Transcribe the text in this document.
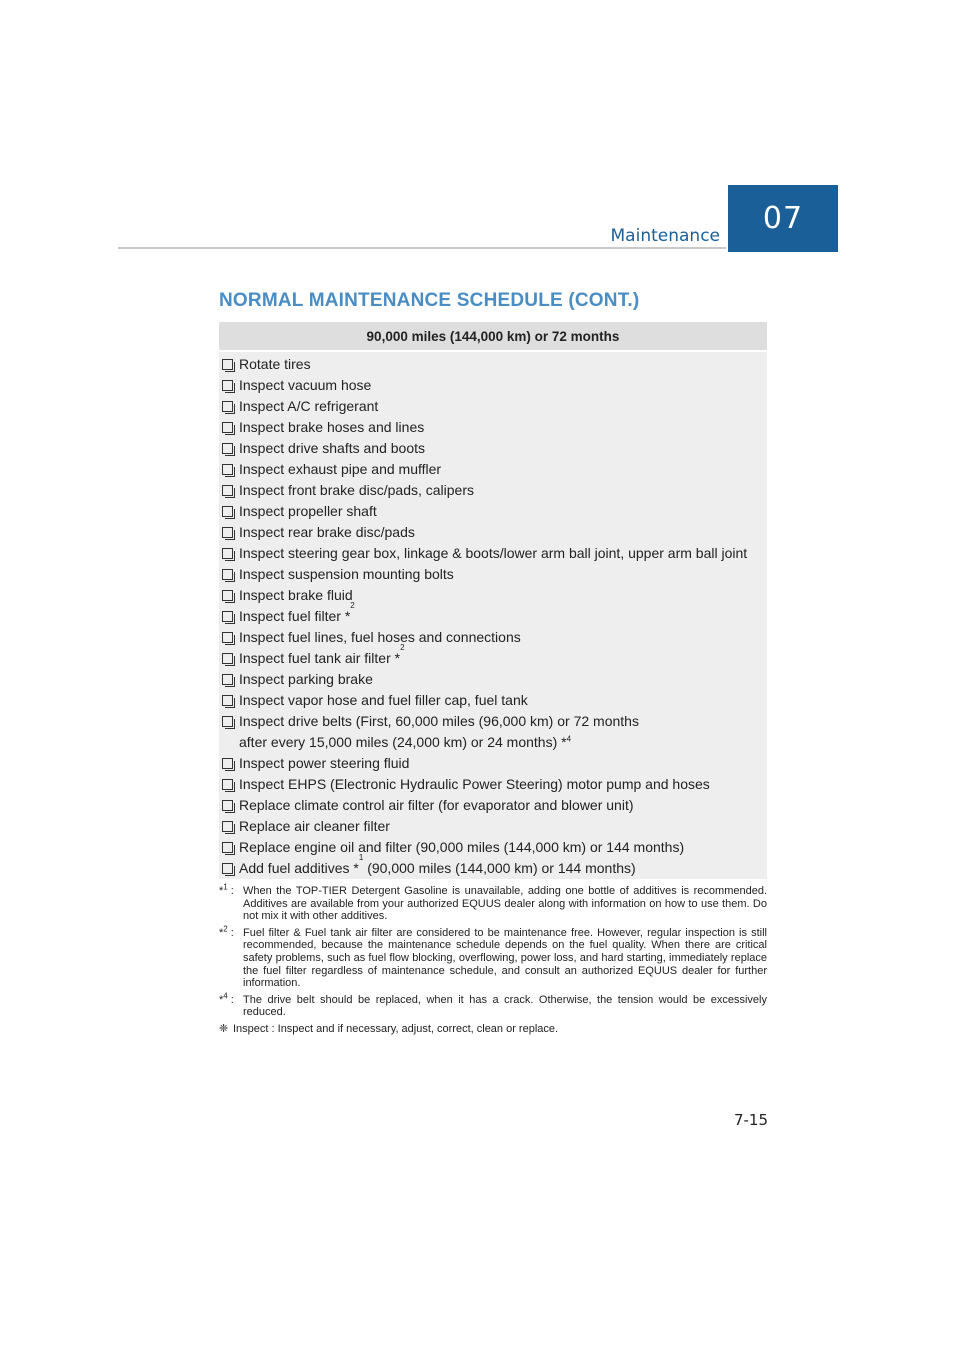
Maintenance	07
NORMAL MAINTENANCE SCHEDULE (CONT.)
90,000 miles (144,000 km) or 72 months
Rotate tires
Inspect vacuum hose
Inspect A/C refrigerant
Inspect brake hoses and lines
Inspect drive shafts and boots
Inspect exhaust pipe and muffler
Inspect front brake disc/pads, calipers
Inspect propeller shaft
Inspect rear brake disc/pads
Inspect steering gear box, linkage & boots/lower arm ball joint, upper arm ball joint
Inspect suspension mounting bolts
Inspect brake fluid
Inspect fuel filter *
2
Inspect fuel lines, fuel hoses and connections
Inspect fuel tank air filter *
2
Inspect parking brake
Inspect vapor hose and fuel filler cap, fuel tank
Inspect drive belts (First, 60,000 miles (96,000 km) or 72 months
after every 15,000 miles (24,000 km) or 24 months) *$^4$
Inspect power steering fluid
Inspect EHPS (Electronic Hydraulic Power Steering) motor pump and hoses
Replace climate control air filter (for evaporator and blower unit)
Replace air cleaner filter
Replace engine oil and filter (90,000 miles (144,000 km) or 144 months)
Add fuel additives *
1
(90,000 miles (144,000 km) or 144 months)
*$^1$ : When the TOP-TIER Detergent Gasoline is unavailable, adding one bottle of additives is recommended. Additives are available from your authorized EQUUS dealer along with information on how to use them. Do not mix it with other additives.
*$^2$ : Fuel filter & Fuel tank air filter are considered to be maintenance free. However, regular inspection is still recommended, because the maintenance schedule depends on the fuel quality. When there are critical safety problems, such as fuel flow blocking, overflowing, power loss, and hard starting, immediately replace the fuel filter regardless of maintenance schedule, and consult an authorized EQUUS dealer for further information.
*$^4$ : The drive belt should be replaced, when it has a crack. Otherwise, the tension would be excessively reduced.
❈ Inspect : Inspect and if necessary, adjust, correct, clean or replace.
7-15
